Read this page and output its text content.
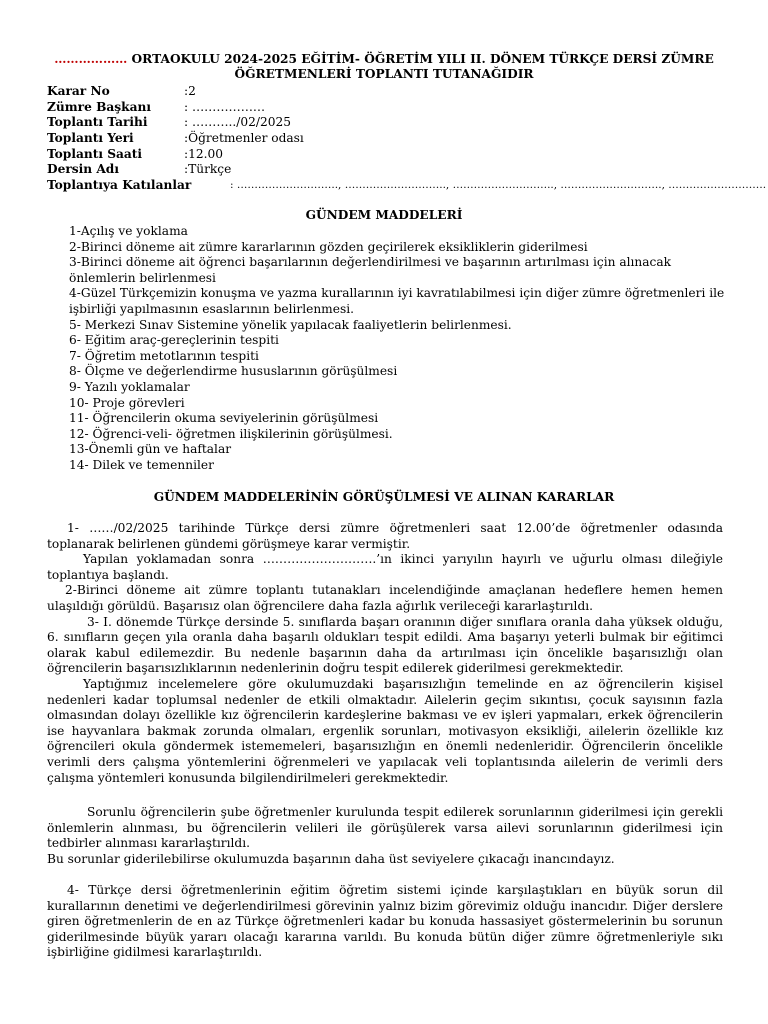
……………… ORTAOKULU 2024-2025 EĞİTİM- ÖĞRETİM YILI II. DÖNEM TÜRKÇE DERSİ ZÜMRE
ÖĞRETMENLERİ TOPLANTI TUTANAĞIDIR
Karar No	:2
Zümre Başkanı	: ………………
Toplantı Tarihi	: ………../02/2025
Toplantı Yeri	:Öğretmenler odası
Toplantı Saati	:12.00
Dersin Adı	:Türkçe
Toplantıya Katılanlar	: ……………………….., ……………………….., ……………………….., ……………………….., ……………………….
GÜNDEM MADDELERİ
1-Açılış ve yoklama
2-Birinci döneme ait zümre kararlarının gözden geçirilerek eksikliklerin giderilmesi
3-Birinci döneme ait öğrenci başarılarının değerlendirilmesi ve başarının artırılması için alınacak önlemlerin belirlenmesi
4-Güzel Türkçemizin konuşma ve yazma kurallarının iyi kavratılabilmesi için diğer zümre öğretmenleri ile işbirliği yapılmasının esaslarının belirlenmesi.
5- Merkezi Sınav Sistemine yönelik yapılacak faaliyetlerin belirlenmesi.
6- Eğitim araç-gereçlerinin tespiti
7- Öğretim metotlarının tespiti
8- Ölçme ve değerlendirme hususlarının görüşülmesi
9- Yazılı yoklamalar
10- Proje görevleri
11- Öğrencilerin okuma seviyelerinin görüşülmesi
12- Öğrenci-veli- öğretmen ilişkilerinin görüşülmesi.
13-Önemli gün ve haftalar
14- Dilek ve temenniler
GÜNDEM MADDELERİNİN GÖRÜŞÜLMESİ VE ALINAN KARARLAR

1- ……/02/2025 tarihinde Türkçe dersi zümre öğretmenleri saat 12.00’de öğretmenler odasında toplanarak belirlenen gündemi görüşmeye karar vermiştir.

Yapılan yoklamadan sonra ……………………….’ın ikinci yarıyılın hayırlı ve uğurlu olması dileğiyle toplantıya başlandı.

2-Birinci döneme ait zümre toplantı tutanakları incelendiğinde amaçlanan hedeflere hemen hemen ulaşıldığı görüldü. Başarısız olan öğrencilere daha fazla ağırlık verileceği kararlaştırıldı.

3- I. dönemde Türkçe dersinde 5. sınıflarda başarı oranının diğer sınıflara oranla daha yüksek olduğu, 6. sınıfların geçen yıla oranla daha başarılı oldukları tespit edildi. Ama başarıyı yeterli bulmak bir eğitimci olarak kabul edilemezdir. Bu nedenle başarının daha da artırılması için öncelikle başarısızlığı olan öğrencilerin başarısızlıklarının nedenlerinin doğru tespit edilerek giderilmesi gerekmektedir.

Yaptığımız incelemelere göre okulumuzdaki başarısızlığın temelinde en az öğrencilerin kişisel nedenleri kadar toplumsal nedenler de etkili olmaktadır. Ailelerin geçim sıkıntısı, çocuk sayısının fazla olmasından dolayı özellikle kız öğrencilerin kardeşlerine bakması ve ev işleri yapmaları, erkek öğrencilerin ise hayvanlara bakmak zorunda olmaları, ergenlik sorunları, motivasyon eksikliği, ailelerin özellikle kız öğrencileri okula göndermek istememeleri, başarısızlığın en önemli nedenleridir. Öğrencilerin öncelikle verimli ders çalışma yöntemlerini öğrenmeleri ve yapılacak veli toplantısında ailelerin de verimli ders çalışma yöntemleri konusunda bilgilendirilmeleri gerekmektedir.

Sorunlu öğrencilerin şube öğretmenler kurulunda tespit edilerek sorunlarının giderilmesi için gerekli önlemlerin alınması, bu öğrencilerin velileri ile görüşülerek varsa ailevi sorunlarının giderilmesi için tedbirler alınması kararlaştırıldı.

Bu sorunlar giderilebilirse okulumuzda başarının daha üst seviyelere çıkacağı inancındayız.

4- Türkçe dersi öğretmenlerinin eğitim öğretim sistemi içinde karşılaştıkları en büyük sorun dil kurallarının denetimi ve değerlendirilmesi görevinin yalnız bizim görevimiz olduğu inancıdır. Diğer derslere giren öğretmenlerin de en az Türkçe öğretmenleri kadar bu konuda hassasiyet göstermelerinin bu sorunun giderilmesinde büyük yararı olacağı kararına varıldı. Bu konuda bütün diğer zümre öğretmenleriyle sıkı işbirliğine gidilmesi kararlaştırıldı.
